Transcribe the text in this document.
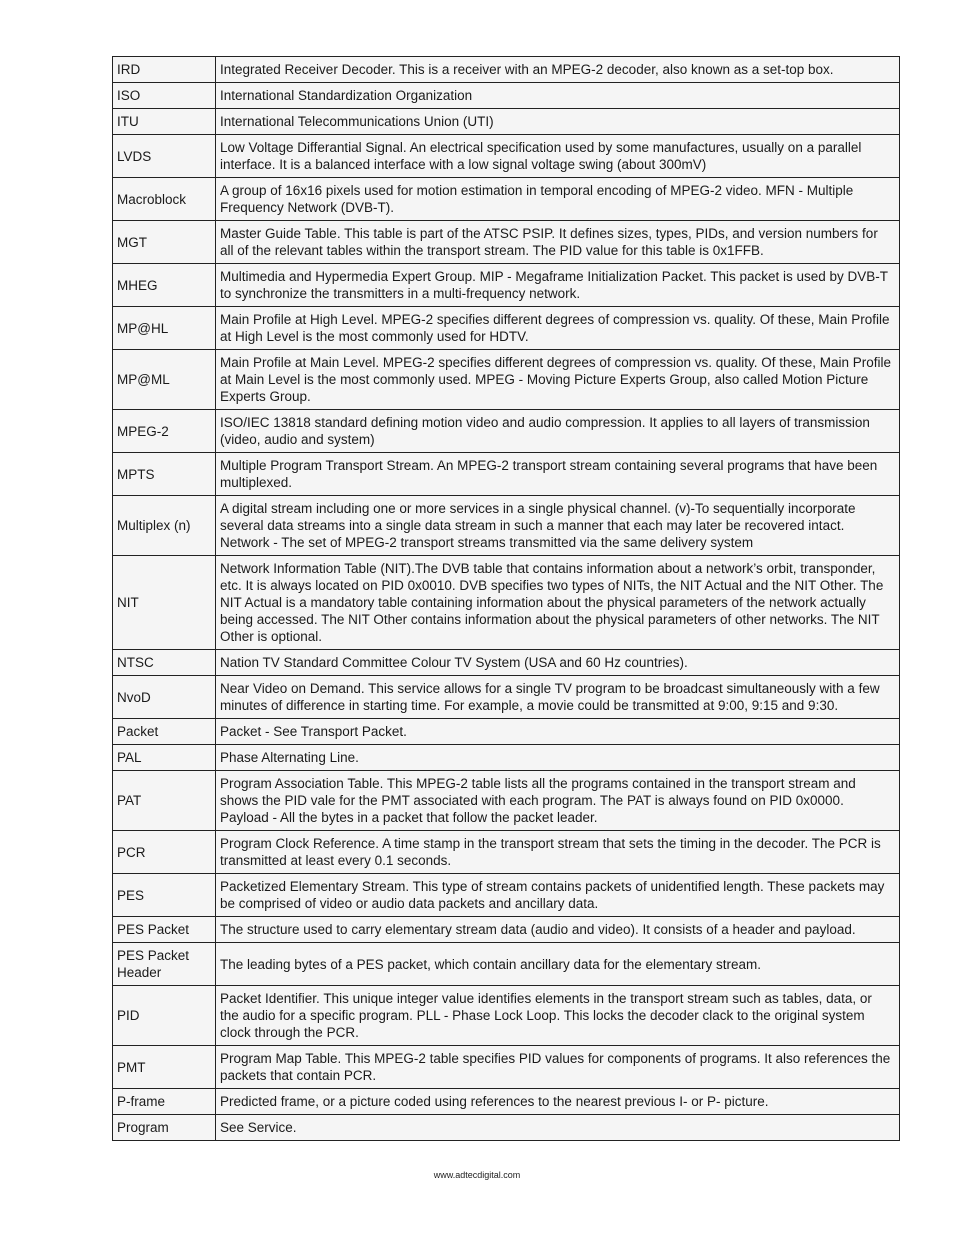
IRD	Integrated Receiver Decoder. This is a receiver with an MPEG-2 decoder, also known as a set-top box.
ISO	International Standardization Organization
ITU	International Telecommunications Union (UTI)
LVDS	Low Voltage Differantial Signal. An electrical specification used by some manufactures, usually on a parallel interface. It is a balanced interface with a low signal voltage swing (about 300mV)
Macroblock	A group of 16x16 pixels used for motion estimation in temporal encoding of MPEG-2 video. MFN - Multiple Frequency Network (DVB-T).
MGT	Master Guide Table. This table is part of the ATSC PSIP. It defines sizes, types, PIDs, and version numbers for all of the relevant tables within the transport stream. The PID value for this table is 0x1FFB.
MHEG	Multimedia and Hypermedia Expert Group. MIP - Megaframe Initialization Packet. This packet is used by DVB-T to synchronize the transmitters in a multi-frequency network.
MP@HL	Main Profile at High Level. MPEG-2 specifies different degrees of compression vs. quality. Of these, Main Profile at High Level is the most commonly used for HDTV.
MP@ML	Main Profile at Main Level. MPEG-2 specifies different degrees of compression vs. quality. Of these, Main Profile at Main Level is the most commonly used. MPEG - Moving Picture Experts Group, also called Motion Picture Experts Group.
MPEG-2	ISO/IEC 13818 standard defining motion video and audio compression. It applies to all layers of transmission (video, audio and system)
MPTS	Multiple Program Transport Stream. An MPEG-2 transport stream containing several programs that have been multiplexed.
Multiplex (n)	A digital stream including one or more services in a single physical channel. (v)-To sequentially incorporate several data streams into a single data stream in such a manner that each may later be recovered intact. Network - The set of MPEG-2 transport streams transmitted via the same delivery system
NIT	Network Information Table (NIT).The DVB table that contains information about a network’s orbit, transponder, etc. It is always located on PID 0x0010. DVB specifies two types of NITs, the NIT Actual and the NIT Other. The NIT Actual is a mandatory table containing information about the physical parameters of the network actually being accessed. The NIT Other contains information about the physical parameters of other networks. The NIT Other is optional.
NTSC	Nation TV Standard Committee Colour TV System (USA and 60 Hz countries).
NvoD	Near Video on Demand. This service allows for a single TV program to be broadcast simultaneously with a few minutes of difference in starting time. For example, a movie could be transmitted at 9:00, 9:15 and 9:30.
Packet	Packet - See Transport Packet.
PAL	Phase Alternating Line.
PAT	Program Association Table. This MPEG-2 table lists all the programs contained in the transport stream and shows the PID vale for the PMT associated with each program. The PAT is always found on PID 0x0000. Payload - All the bytes in a packet that follow the packet leader.
PCR	Program Clock Reference. A time stamp in the transport stream that sets the timing in the decoder. The PCR is transmitted at least every 0.1 seconds.
PES	Packetized Elementary Stream. This type of stream contains packets of unidentified length. These packets may be comprised of video or audio data packets and ancillary data.
PES Packet	The structure used to carry elementary stream data (audio and video). It consists of a header and payload.
PES Packet Header	The leading bytes of a PES packet, which contain ancillary data for the elementary stream.
PID	Packet Identifier. This unique integer value identifies elements in the transport stream such as tables, data, or the audio for a specific program. PLL - Phase Lock Loop. This locks the decoder clack to the original system clock through the PCR.
PMT	Program Map Table. This MPEG-2 table specifies PID values for components of programs. It also references the packets that contain PCR.
P-frame	Predicted frame, or a picture coded using references to the nearest previous I- or P- picture.
Program	See Service.
www.adtecdigital.com
